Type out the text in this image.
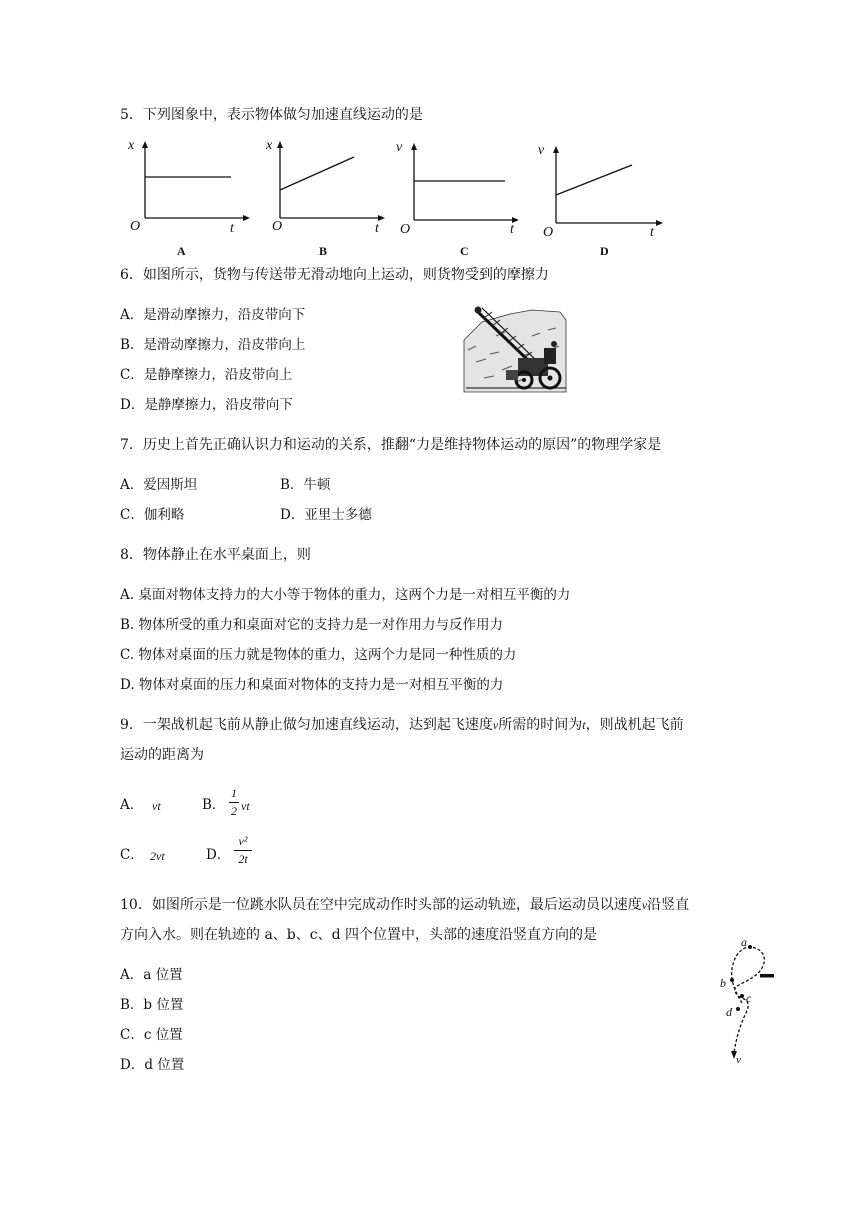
5．下列图象中，表示物体做匀加速直线运动的是
x
O	t
A
x
O	t
B
v
O	t
C
v
O	t
D
6．如图所示，货物与传送带无滑动地向上运动，则货物受到的摩擦力
A．是滑动摩擦力，沿皮带向下
B．是滑动摩擦力，沿皮带向上
C．是静摩擦力，沿皮带向上
D．是静摩擦力，沿皮带向下
7．历史上首先正确认识力和运动的关系，推翻“力是维持物体运动的原因”的物理学家是
A．爱因斯坦	B．牛顿
C．伽利略	D．亚里士多德
8．物体静止在水平桌面上，则
A. 桌面对物体支持力的大小等于物体的重力，这两个力是一对相互平衡的力
B. 物体所受的重力和桌面对它的支持力是一对作用力与反作用力
C. 物体对桌面的压力就是物体的重力，这两个力是同一种性质的力
D. 物体对桌面的压力和桌面对物体的支持力是一对相互平衡的力
9．一架战机起飞前从静止做匀加速直线运动，达到起飞速度v所需的时间为t，则战机起飞前
运动的距离为
A． vt	B．
1
2 vt
C． 2vt	D．
v²
2t
10．如图所示是一位跳水队员在空中完成动作时头部的运动轨迹，最后运动员以速度v沿竖直
方向入水。则在轨迹的 a、b、c、d 四个位置中，头部的速度沿竖直方向的是
A．a 位置
B．b 位置
C．c 位置
D．d 位置
a
b
c
d
v
